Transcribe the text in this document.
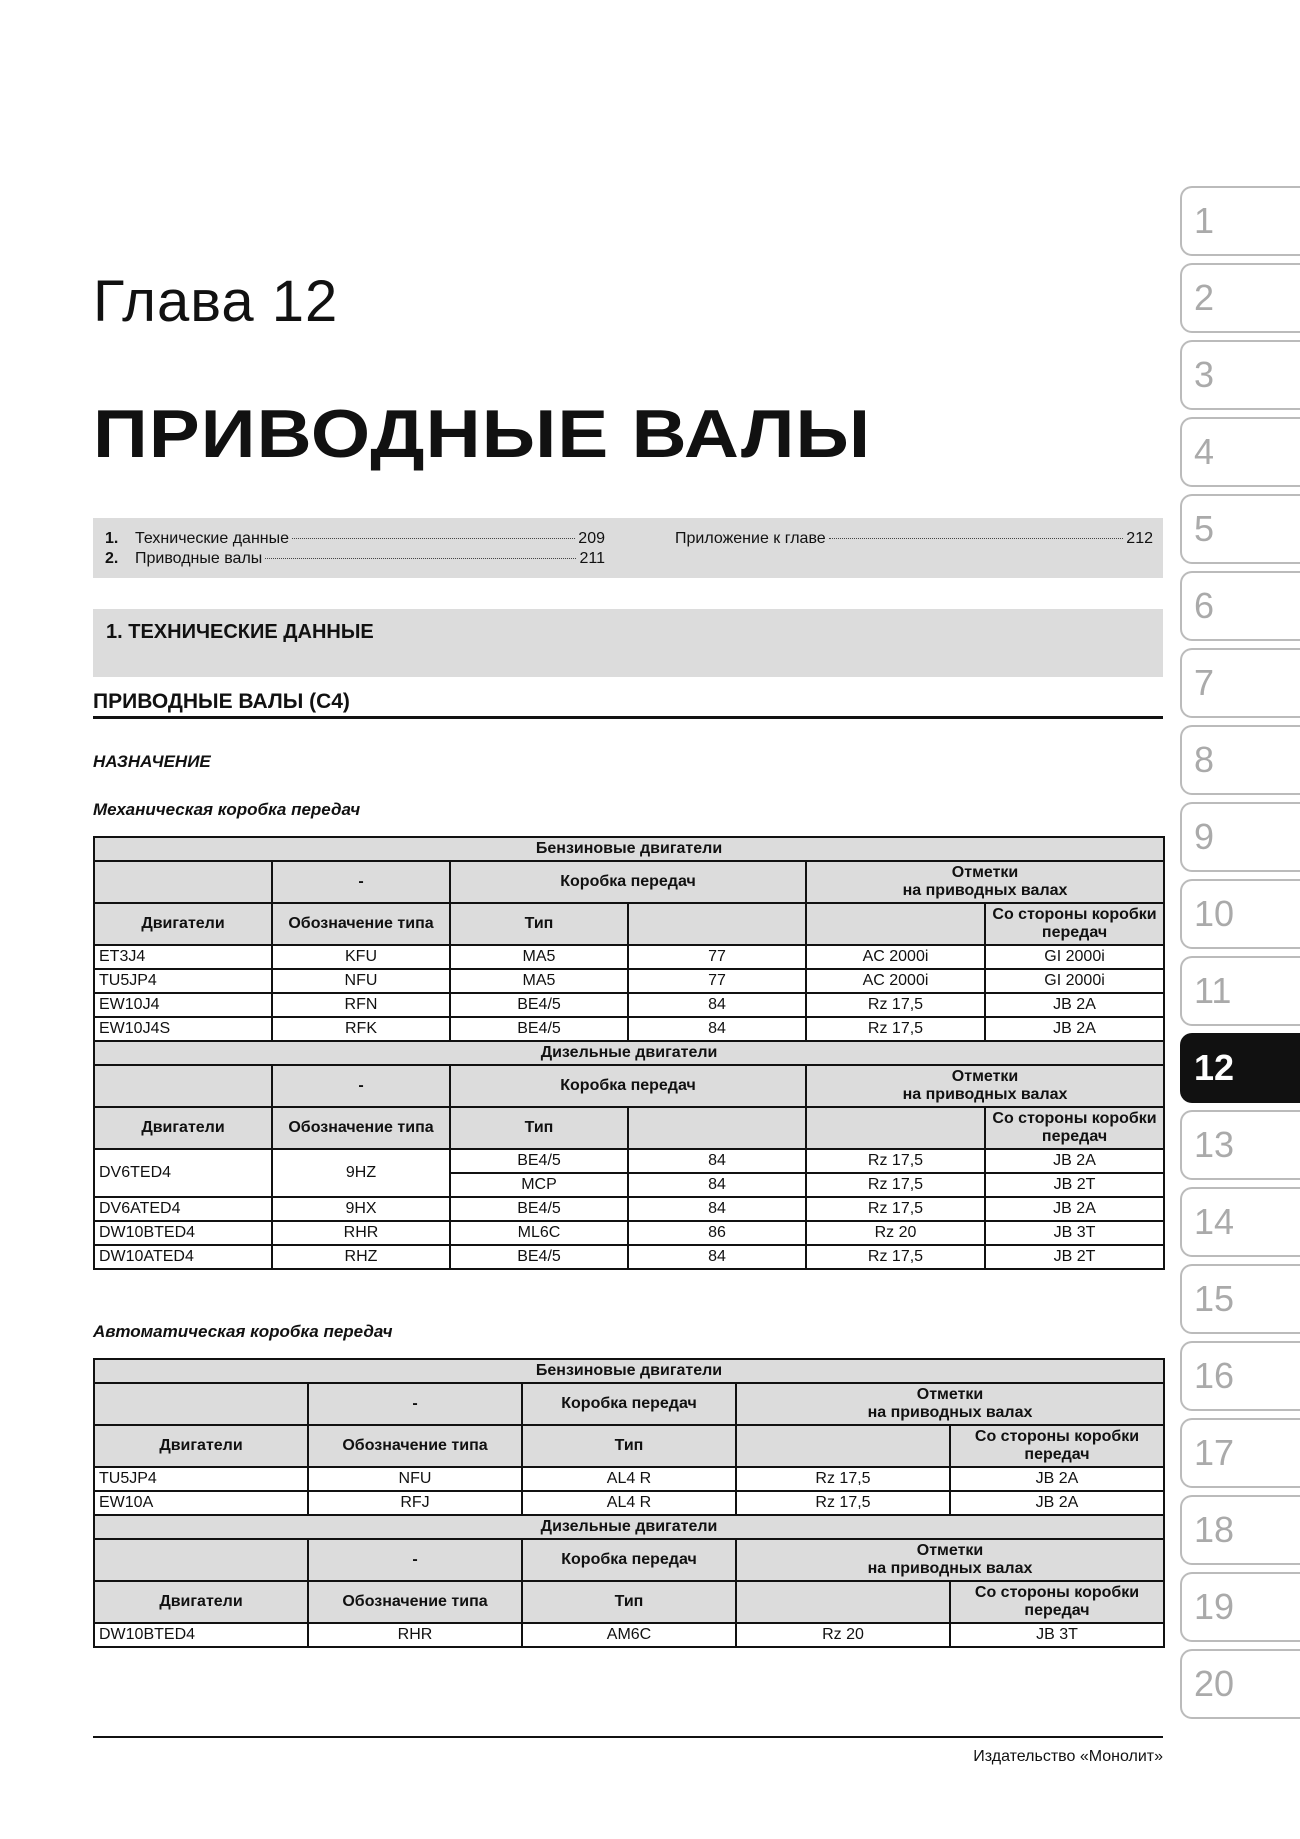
Глава 12
ПРИВОДНЫЕ ВАЛЫ
1.	Технические данные	209
2.	Приводные валы	211
Приложение к главе	212
1. ТЕХНИЧЕСКИЕ ДАННЫЕ
ПРИВОДНЫЕ ВАЛЫ (С4)
НАЗНАЧЕНИЕ
Механическая коробка передач
Бензиновые двигатели					
	-	Коробка передач		Отметки
на приводных валах	
Двигатели	Обозначение типа	Тип			Со стороны коробки передач
ET3J4	KFU	MA5	77	AC 2000i	GI 2000i
TU5JP4	NFU	MA5	77	AC 2000i	GI 2000i
EW10J4	RFN	BE4/5	84	Rz 17,5	JB 2A
EW10J4S	RFK	BE4/5	84	Rz 17,5	JB 2A
Дизельные двигатели					
	-	Коробка передач		Отметки
на приводных валах	
Двигатели	Обозначение типа	Тип			Со стороны коробки передач
DV6TED4	9HZ	BE4/5	84	Rz 17,5	JB 2A
		MCP	84	Rz 17,5	JB 2T
DV6ATED4	9HX	BE4/5	84	Rz 17,5	JB 2A
DW10BTED4	RHR	ML6C	86	Rz 20	JB 3T
DW10ATED4	RHZ	BE4/5	84	Rz 17,5	JB 2T
Автоматическая коробка передач
Бензиновые двигатели				
	-	Коробка передач	Отметки
на приводных валах	
Двигатели	Обозначение типа	Тип		Со стороны коробки передач
TU5JP4	NFU	AL4 R	Rz 17,5	JB 2A
EW10A	RFJ	AL4 R	Rz 17,5	JB 2A
Дизельные двигатели				
	-	Коробка передач	Отметки
на приводных валах	
Двигатели	Обозначение типа	Тип		Со стороны коробки передач
DW10BTED4	RHR	AM6C	Rz 20	JB 3T
1
2
3
4
5
6
7
8
9
10
11
12
13
14
15
16
17
18
19
20
Издательство «Монолит»
